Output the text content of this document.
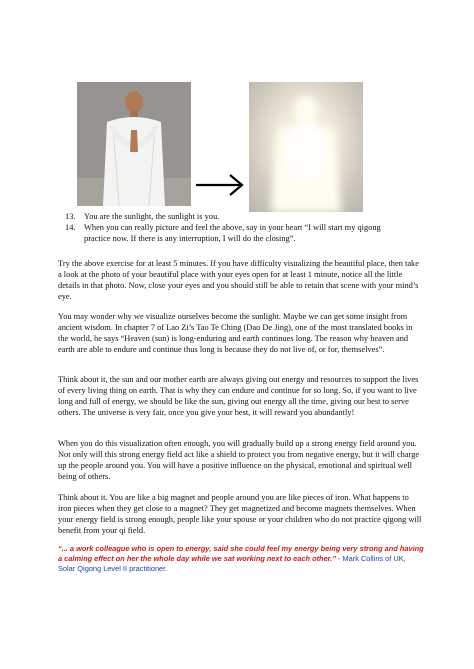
13. You are the sunlight, the sunlight is you.
14. When you can really picture and feel the above, say in your heart “I will start my qigong practice now. If there is any interruption, I will do the closing”.

Try the above exercise for at least 5 minutes. If you have difficulty visualizing the beautiful place, then take a look at the photo of your beautiful place with your eyes open for at least 1 minute, notice all the little details in that photo. Now, close your eyes and you should still be able to retain that scene with your mind’s eye.

You may wonder why we visualize ourselves become the sunlight. Maybe we can get some insight from ancient wisdom. In chapter 7 of Lao Zi’s Tao Te Ching (Dao De Jing), one of the most translated books in the world, he says “Heaven (sun) is long-enduring and earth continues long. The reason why heaven and earth are able to endure and continue thus long is because they do not live of, or for, themselves”.

Think about it, the sun and our mother earth are always giving out energy and resources to support the lives of every living thing on earth. That is why they can endure and continue for so long. So, if you want to live long and full of energy, we should be like the sun, giving out energy all the time, giving our best to serve others. The universe is very fair, once you give your best, it will reward you abundantly!

When you do this visualization often enough, you will gradually build up a strong energy field around you. Not only will this strong energy field act like a shield to protect you from negative energy, but it will charge up the people around you. You will have a positive influence on the physical, emotional and spiritual well being of others.

Think about it. You are like a big magnet and people around you are like pieces of iron. What happens to iron pieces when they get close to a magnet? They get magnetized and become magnets themselves. When your energy field is strong enough, people like your spouse or your children who do not practice qigong will benefit from your qi field.

“... a work colleague who is open to energy, said she could feel my energy being very strong and having a calming effect on her the whole day while we sat working next to each other.” - Mark Collins of UK, Solar Qigong Level II practitioner.
